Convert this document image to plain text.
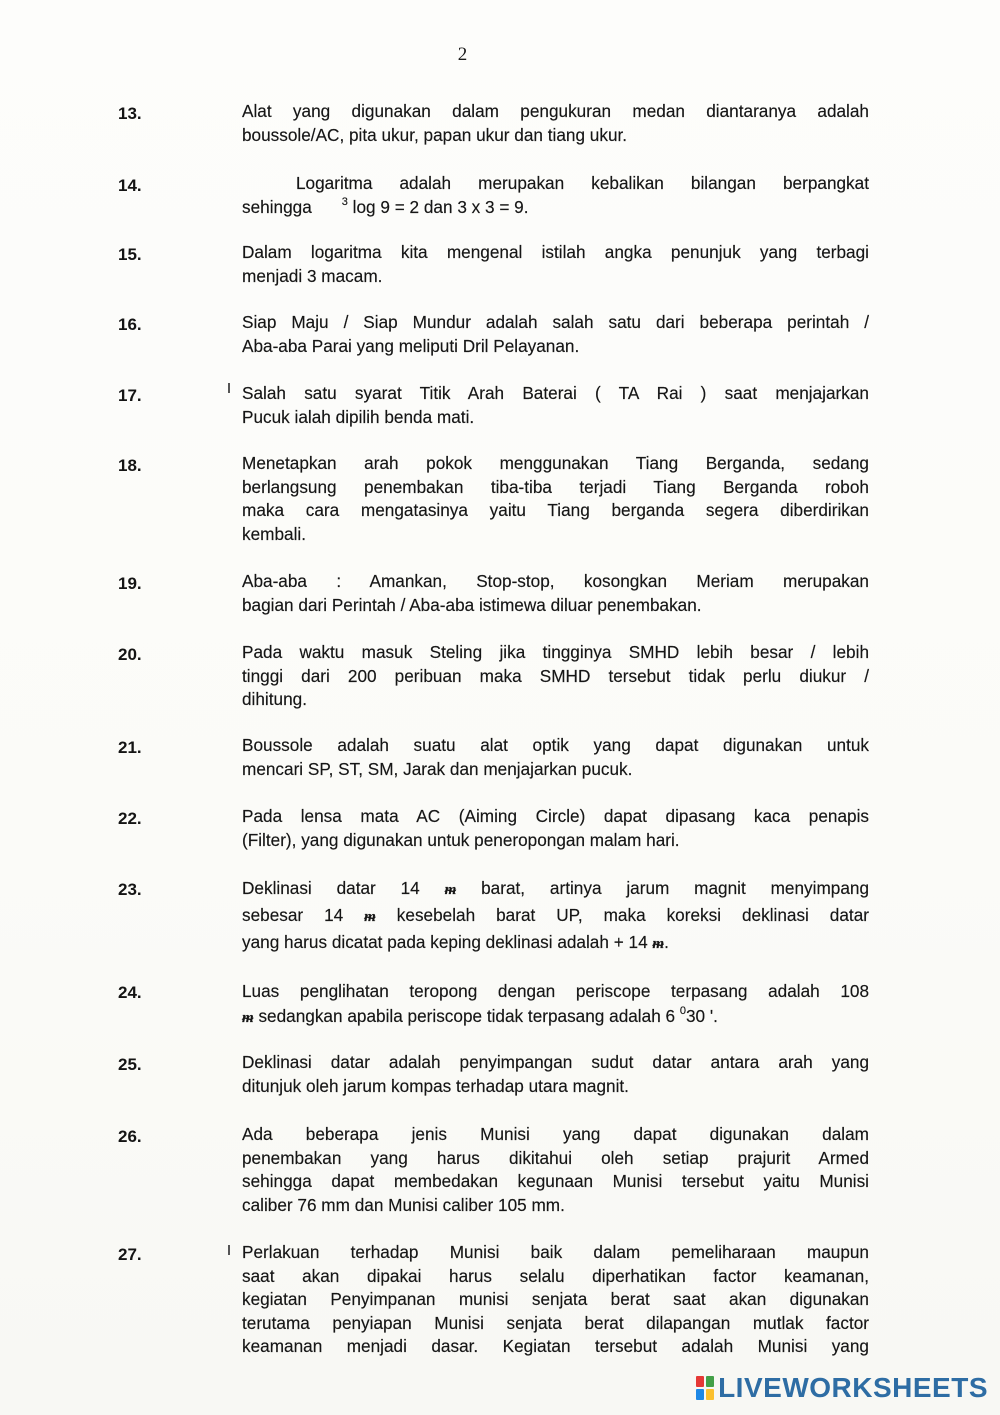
2
13.	Alat yang digunakan dalam pengukuran medan diantaranya adalah
boussole/AC, pita ukur, papan ukur dan tiang ukur.
14.	Logaritma adalah merupakan kebalikan bilangan berpangkat
sehingga	$^3$ log 9 = 2 dan 3 x 3 = 9.
15.	Dalam logaritma kita mengenal istilah angka penunjuk yang terbagi
menjadi 3 macam.
16.	Siap Maju / Siap Mundur adalah salah satu dari beberapa perintah /
Aba-aba Parai yang meliputi Dril Pelayanan.
17.	Salah satu syarat Titik Arah Baterai ( TA Rai ) saat menjajarkan
Pucuk ialah dipilih benda mati.
18.	Menetapkan arah pokok menggunakan Tiang Berganda, sedang
berlangsung penembakan tiba-tiba terjadi Tiang Berganda roboh
maka cara mengatasinya yaitu Tiang berganda segera diberdirikan
kembali.
19.	Aba-aba : Amankan, Stop-stop, kosongkan Meriam merupakan
bagian dari Perintah / Aba-aba istimewa diluar penembakan.
20.	Pada waktu masuk Steling jika tingginya SMHD lebih besar / lebih
tinggi dari 200 peribuan maka SMHD tersebut tidak perlu diukur /
dihitung.
21.	Boussole adalah suatu alat optik yang dapat digunakan untuk
mencari SP, ST, SM, Jarak dan menjajarkan pucuk.
22.	Pada lensa mata AC (Aiming Circle) dapat dipasang kaca penapis
(Filter), yang digunakan untuk peneropongan malam hari.
23.	Deklinasi datar 14 ᵯ barat, artinya jarum magnit menyimpang
sebesar 14 ᵯ kesebelah barat UP, maka koreksi deklinasi datar
yang harus dicatat pada keping deklinasi adalah + 14 ᵯ.
24.	Luas penglihatan teropong dengan periscope terpasang adalah 108
ᵯ sedangkan apabila periscope tidak terpasang adalah 6 $^0$30 '.
25.	Deklinasi datar adalah penyimpangan sudut datar antara arah yang
ditunjuk oleh jarum kompas terhadap utara magnit.
26.	Ada beberapa jenis Munisi yang dapat digunakan dalam
penembakan yang harus dikitahui oleh setiap prajurit Armed
sehingga dapat membedakan kegunaan Munisi tersebut yaitu Munisi
caliber 76 mm dan Munisi caliber 105 mm.
27.	Perlakuan terhadap Munisi baik dalam pemeliharaan maupun
saat akan dipakai harus selalu diperhatikan factor keamanan,
kegiatan Penyimpanan munisi senjata berat saat akan digunakan
terutama penyiapan Munisi senjata berat dilapangan mutlak factor
keamanan menjadi dasar. Kegiatan tersebut adalah Munisi yang
LIVEWORKSHEETS
